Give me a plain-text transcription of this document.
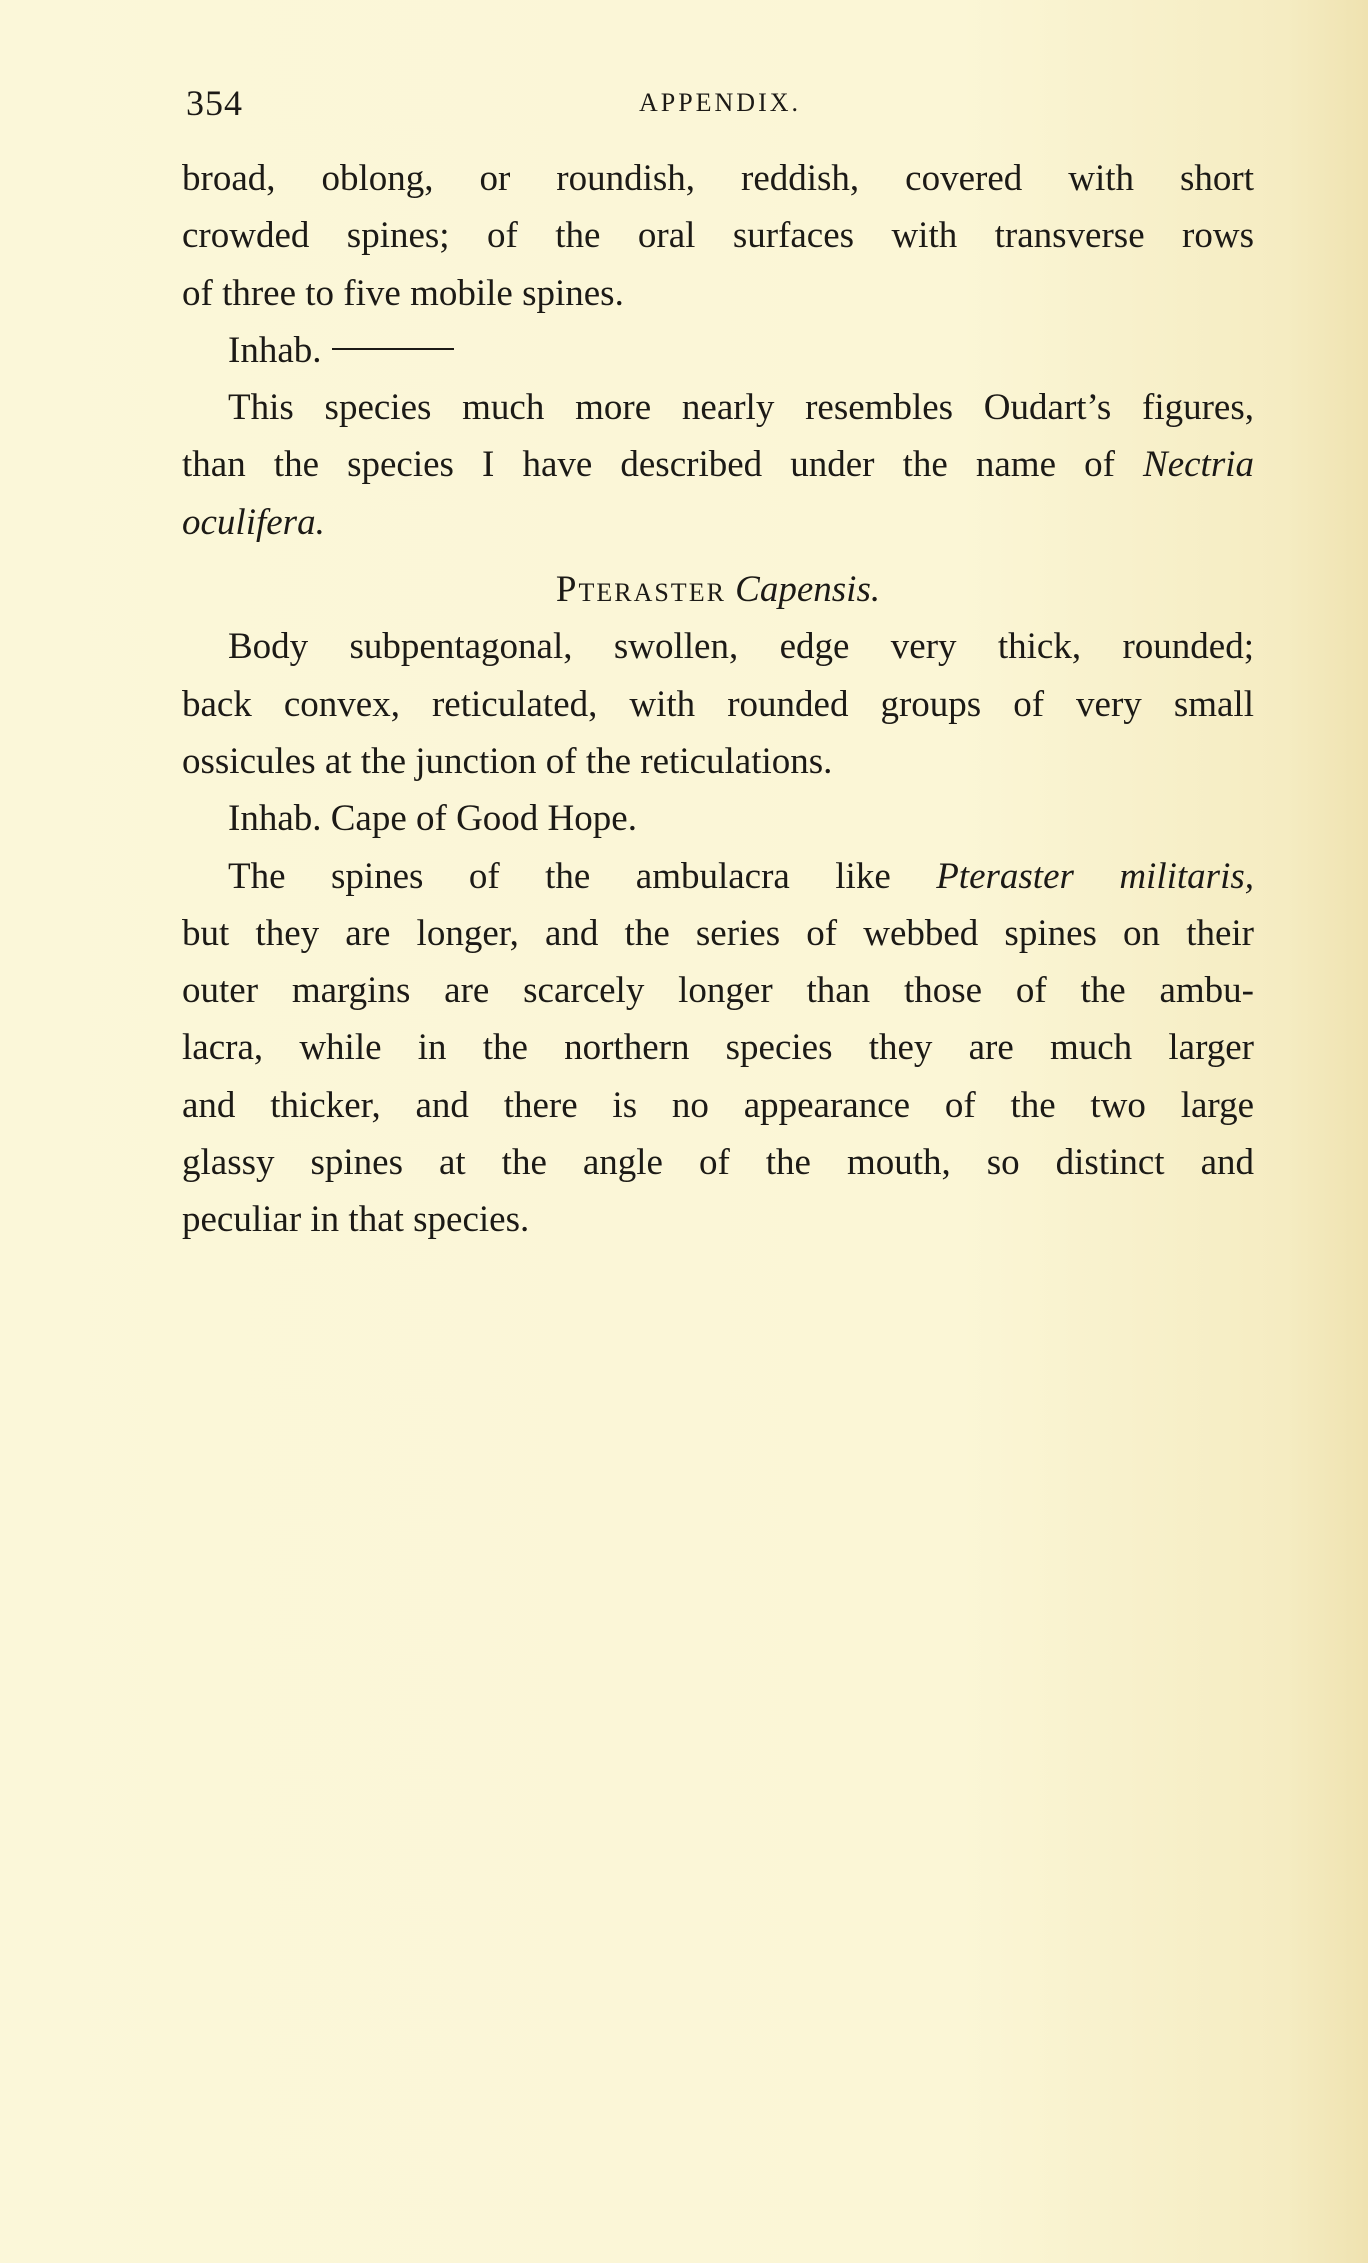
354	APPENDIX.
broad, oblong, or roundish, reddish, covered with short
crowded spines; of the oral surfaces with transverse rows
of three to five mobile spines.
Inhab.
This species much more nearly resembles Oudart’s figures,
than the species I have described under the name of Nectria
oculifera.
Pteraster Capensis.
Body subpentagonal, swollen, edge very thick, rounded;
back convex, reticulated, with rounded groups of very small
ossicules at the junction of the reticulations.
Inhab. Cape of Good Hope.
The spines of the ambulacra like Pteraster militaris,
but they are longer, and the series of webbed spines on their
outer margins are scarcely longer than those of the ambu-
lacra, while in the northern species they are much larger
and thicker, and there is no appearance of the two large
glassy spines at the angle of the mouth, so distinct and
peculiar in that species.
